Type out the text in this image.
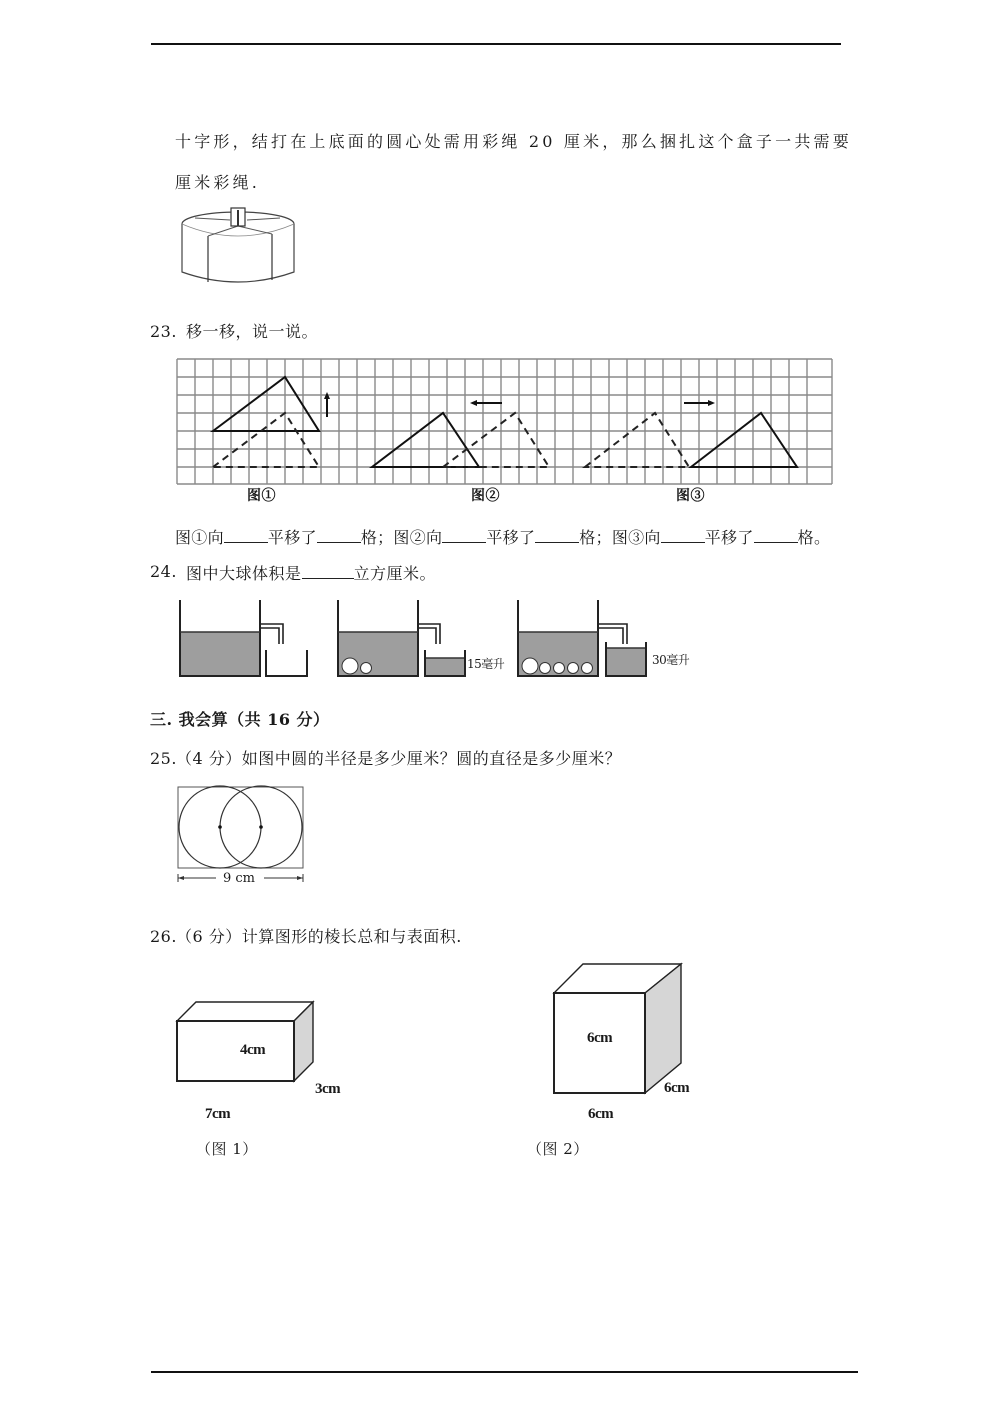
十字形，结打在上底面的圆心处需用彩绳 20 厘米，那么捆扎这个盒子一共需要
厘米彩绳.
23. 移一移，说一说。
图①	图②	图③
图①向	平移了	格；图②向	平移了	格；图③向	平移了	格。
24. 图中大球体积是	立方厘米。
15毫升	30毫升
三. 我会算（共 16 分）
25. （4 分）如图中圆的半径是多少厘米？圆的直径是多少厘米？
9 cm
26. （6 分）计算图形的棱长总和与表面积.
4cm
3cm
7cm
（图 1）
6cm
6cm
6cm
（图 2）
